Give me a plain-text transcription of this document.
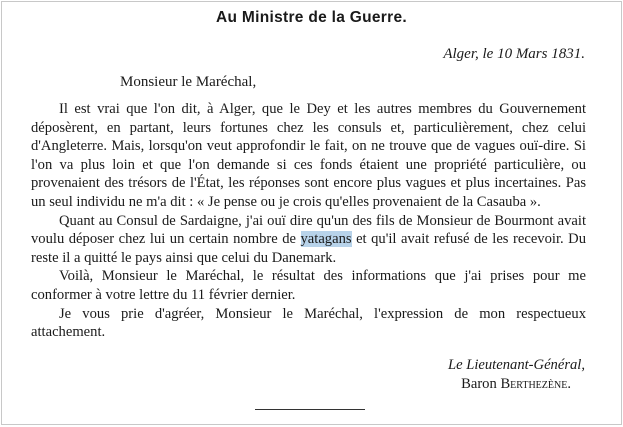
Au Ministre de la Guerre.
Alger, le 10 Mars 1831.
Monsieur le Maréchal,

Il est vrai que l'on dit, à Alger, que le Dey et les autres membres du Gouvernement déposèrent, en partant, leurs fortunes chez les consuls et, particulièrement, chez celui d'Angleterre. Mais, lorsqu'on veut approfondir le fait, on ne trouve que de vagues ouï-dire. Si l'on va plus loin et que l'on demande si ces fonds étaient une propriété particulière, ou provenaient des trésors de l'État, les réponses sont encore plus vagues et plus incertaines. Pas un seul individu ne m'a dit : « Je pense ou je crois qu'elles provenaient de la Casauba ».

Quant au Consul de Sardaigne, j'ai ouï dire qu'un des fils de Monsieur de Bourmont avait voulu déposer chez lui un certain nombre de yatagans et qu'il avait refusé de les recevoir. Du reste il a quitté le pays ainsi que celui du Danemark.

Voilà, Monsieur le Maréchal, le résultat des informations que j'ai prises pour me conformer à votre lettre du 11 février dernier.

Je vous prie d'agréer, Monsieur le Maréchal, l'expression de mon respectueux attachement.

Le Lieutenant-Général,
Baron Berthezène.
